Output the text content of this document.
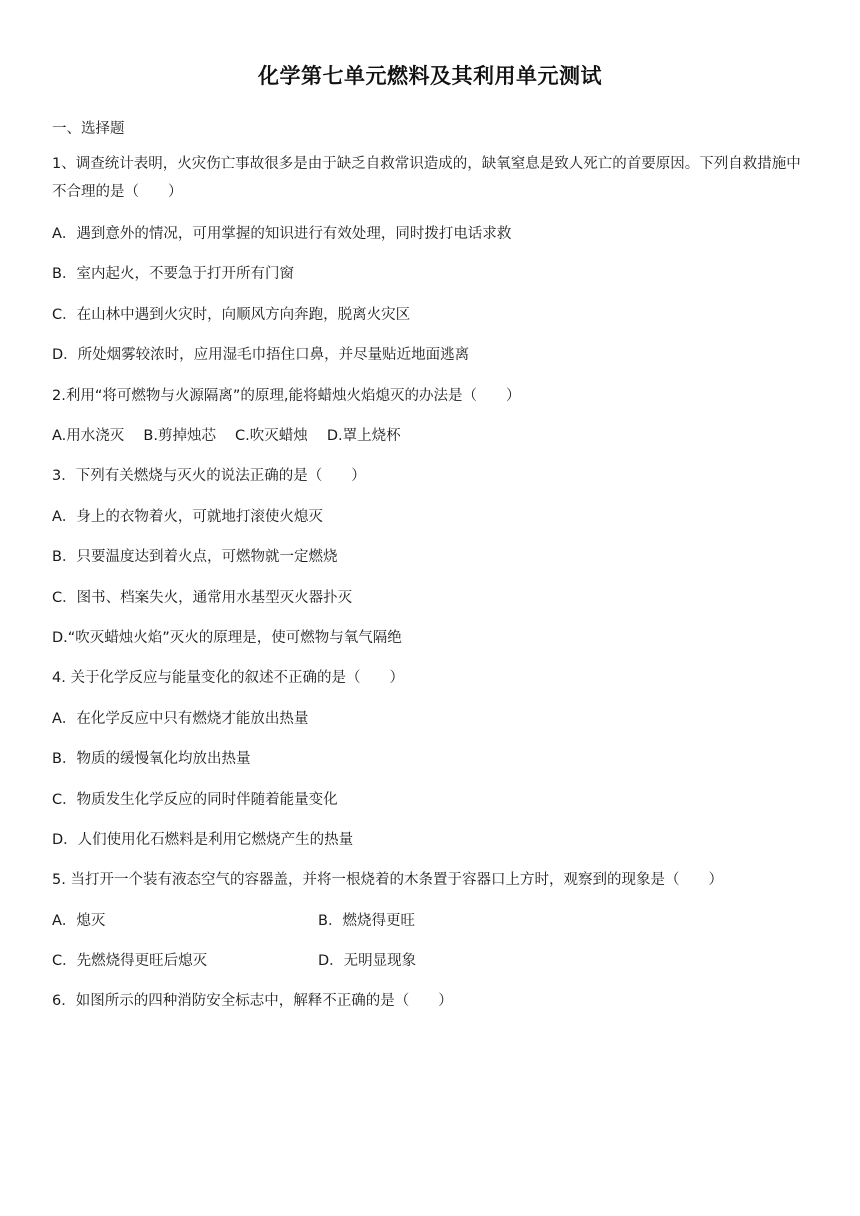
化学第七单元燃料及其利用单元测试
一、选择题
1、调查统计表明，火灾伤亡事故很多是由于缺乏自救常识造成的，缺氧窒息是致人死亡的首要原因。下列自救措施中不合理的是（　　）
A．遇到意外的情况，可用掌握的知识进行有效处理，同时拨打电话求救
B．室内起火，不要急于打开所有门窗
C．在山林中遇到火灾时，向顺风方向奔跑，脱离火灾区
D．所处烟雾较浓时，应用湿毛巾捂住口鼻，并尽量贴近地面逃离
2.利用“将可燃物与火源隔离”的原理,能将蜡烛火焰熄灭的办法是（　　）
A.用水浇灭　 B.剪掉烛芯　 C.吹灭蜡烛　 D.罩上烧杯
3．下列有关燃烧与灭火的说法正确的是（　　）
A．身上的衣物着火，可就地打滚使火熄灭
B．只要温度达到着火点，可燃物就一定燃烧
C．图书、档案失火，通常用水基型灭火器扑灭
D.“吹灭蜡烛火焰”灭火的原理是，使可燃物与氧气隔绝
4. 关于化学反应与能量变化的叙述不正确的是（　　）
A．在化学反应中只有燃烧才能放出热量
B．物质的缓慢氧化均放出热量
C．物质发生化学反应的同时伴随着能量变化
D．人们使用化石燃料是利用它燃烧产生的热量
5. 当打开一个装有液态空气的容器盖，并将一根烧着的木条置于容器口上方时，观察到的现象是（　　）
A．熄灭	B．燃烧得更旺
C．先燃烧得更旺后熄灭	D．无明显现象
6．如图所示的四种消防安全标志中，解释不正确的是（　　）
